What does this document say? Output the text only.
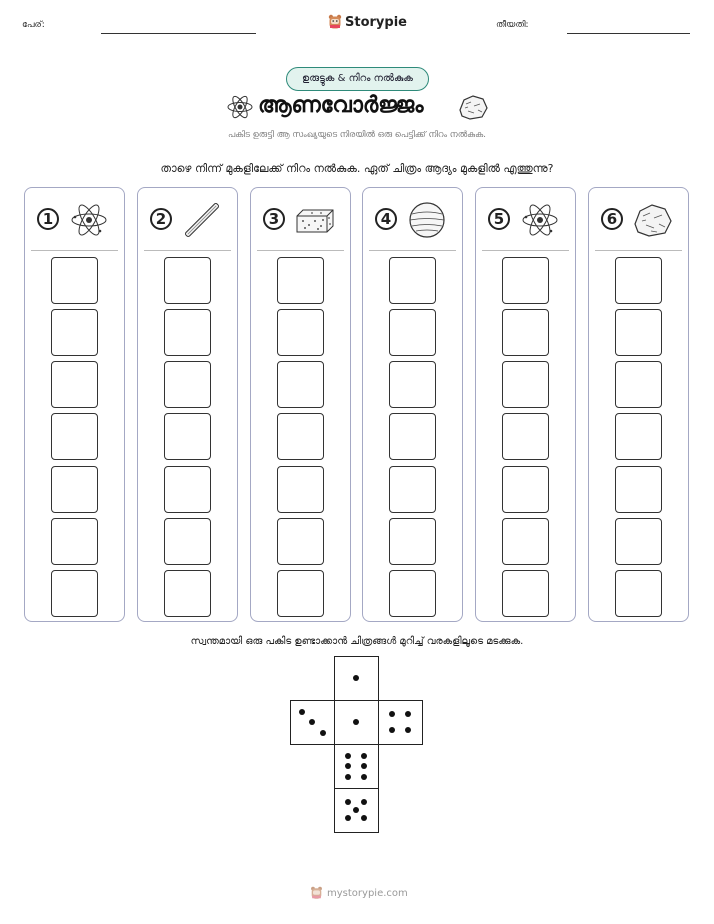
പേര്:	Storypie	തീയതി:
ഉരുട്ടുക & നിറം നൽകുക
ആണവോർജ്ജം
പകിട ഉരുട്ടി ആ സംഖ്യയുടെ നിരയിൽ ഒരു പെട്ടിക്ക് നിറം നൽകുക.
താഴെ നിന്ന് മുകളിലേക്ക് നിറം നൽകുക. ഏത് ചിത്രം ആദ്യം മുകളിൽ എത്തുന്നു?
1	2	3	4	5	6
സ്വന്തമായി ഒരു പകിട ഉണ്ടാക്കാൻ ചിത്രങ്ങൾ മുറിച്ച് വരകളിലൂടെ മടക്കുക.
mystorypie.com
